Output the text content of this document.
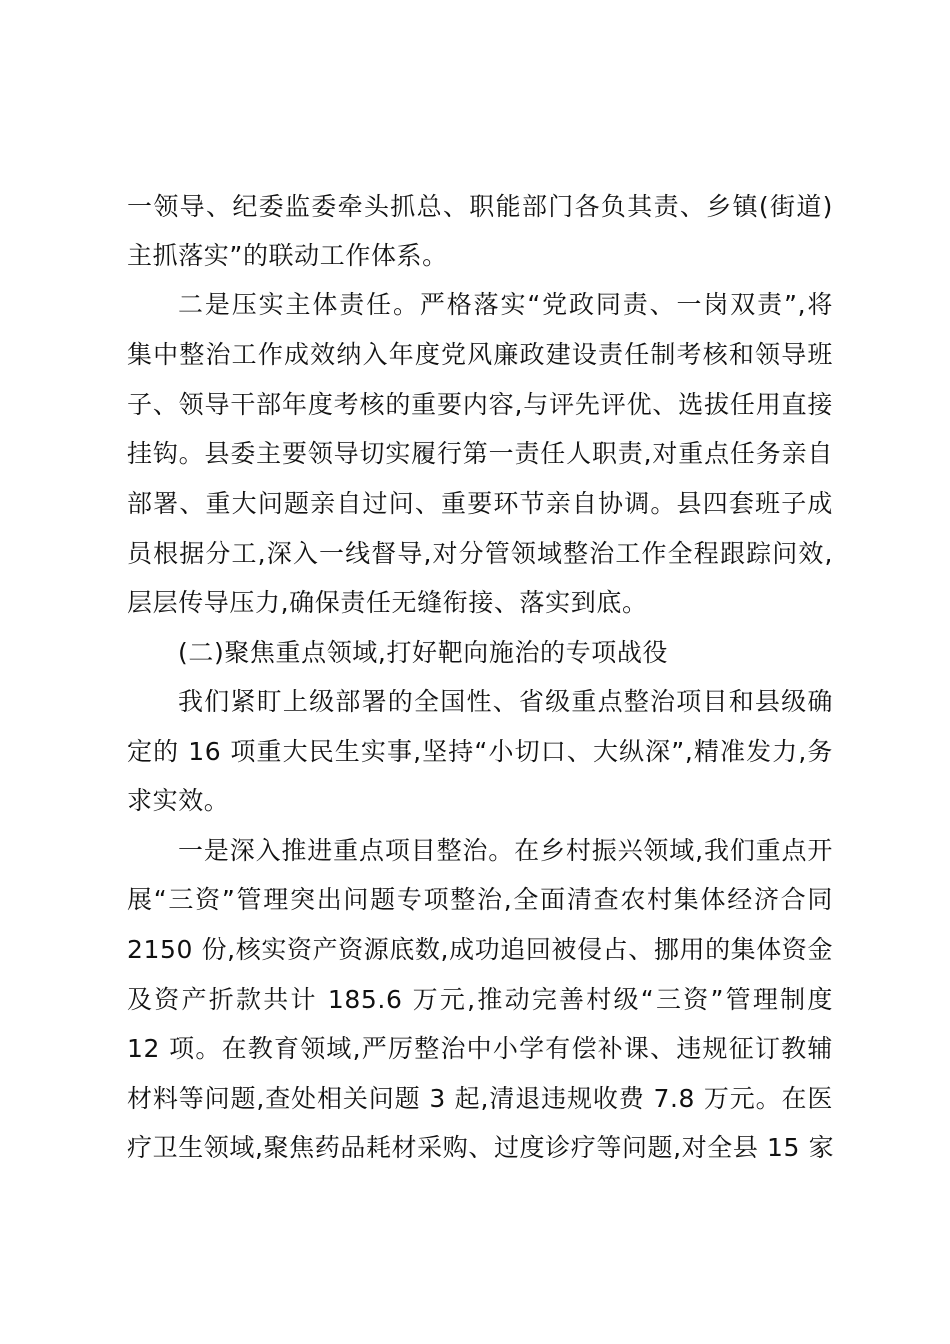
一领导、纪委监委牵头抓总、职能部门各负其责、乡镇(街道)
主抓落实”的联动工作体系。
二是压实主体责任。严格落实“党政同责、一岗双责”,将
集中整治工作成效纳入年度党风廉政建设责任制考核和领导班
子、领导干部年度考核的重要内容,与评先评优、选拔任用直接
挂钩。县委主要领导切实履行第一责任人职责,对重点任务亲自
部署、重大问题亲自过问、重要环节亲自协调。县四套班子成
员根据分工,深入一线督导,对分管领域整治工作全程跟踪问效,
层层传导压力,确保责任无缝衔接、落实到底。
(二)聚焦重点领域,打好靶向施治的专项战役
我们紧盯上级部署的全国性、省级重点整治项目和县级确
定的 16 项重大民生实事,坚持“小切口、大纵深”,精准发力,务
求实效。
一是深入推进重点项目整治。在乡村振兴领域,我们重点开
展“三资”管理突出问题专项整治,全面清查农村集体经济合同
2150 份,核实资产资源底数,成功追回被侵占、挪用的集体资金
及资产折款共计 185.6 万元,推动完善村级“三资”管理制度
12 项。在教育领域,严厉整治中小学有偿补课、违规征订教辅
材料等问题,查处相关问题 3 起,清退违规收费 7.8 万元。在医
疗卫生领域,聚焦药品耗材采购、过度诊疗等问题,对全县 15 家
